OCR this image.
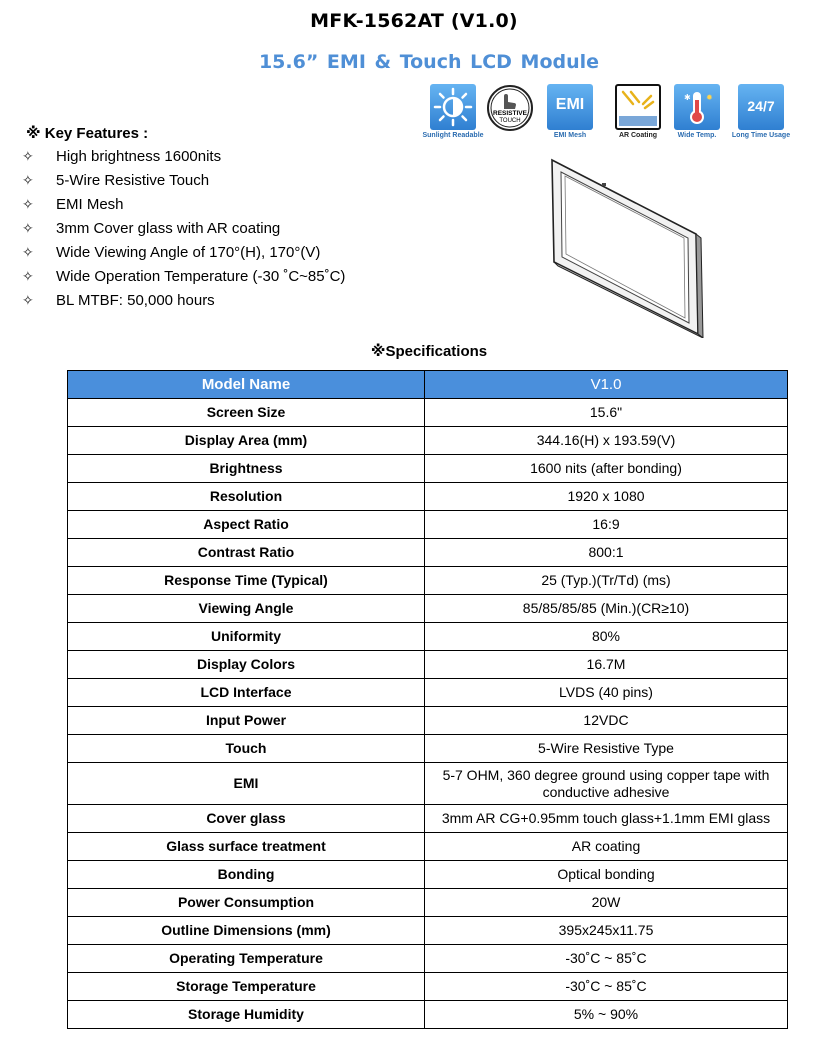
MFK-1562AT (V1.0)
15.6” EMI & Touch LCD Module
※ Key Features :
✧ High brightness 1600nits
✧ 5-Wire Resistive Touch
✧ EMI Mesh
✧ 3mm Cover glass with AR coating
✧ Wide Viewing Angle of 170°(H), 170°(V)
✧ Wide Operation Temperature (-30 ˚C~85˚C)
✧ BL MTBF: 50,000 hours
Sunlight Readable
RESISTIVE
TOUCH
EMI
EMI Mesh	AR Coating
✱ ✹
Wide Temp.
24/7
Long Time Usage
※Specifications
Model Name	V1.0
Screen Size	15.6"
Display Area (mm)	344.16(H) x 193.59(V)
Brightness	1600 nits (after bonding)
Resolution	1920 x 1080
Aspect Ratio	16:9
Contrast Ratio	800:1
Response Time (Typical)	25 (Typ.)(Tr/Td) (ms)
Viewing Angle	85/85/85/85 (Min.)(CR≥10)
Uniformity	80%
Display Colors	16.7M
LCD Interface	LVDS (40 pins)
Input Power	12VDC
Touch	5-Wire Resistive Type
EMI	5-7 OHM, 360 degree ground using copper tape with conductive adhesive
Cover glass	3mm AR CG+0.95mm touch glass+1.1mm EMI glass
Glass surface treatment	AR coating
Bonding	Optical bonding
Power Consumption	20W
Outline Dimensions (mm)	395x245x11.75
Operating Temperature	-30˚C ~ 85˚C
Storage Temperature	-30˚C ~ 85˚C
Storage Humidity	5% ~ 90%
